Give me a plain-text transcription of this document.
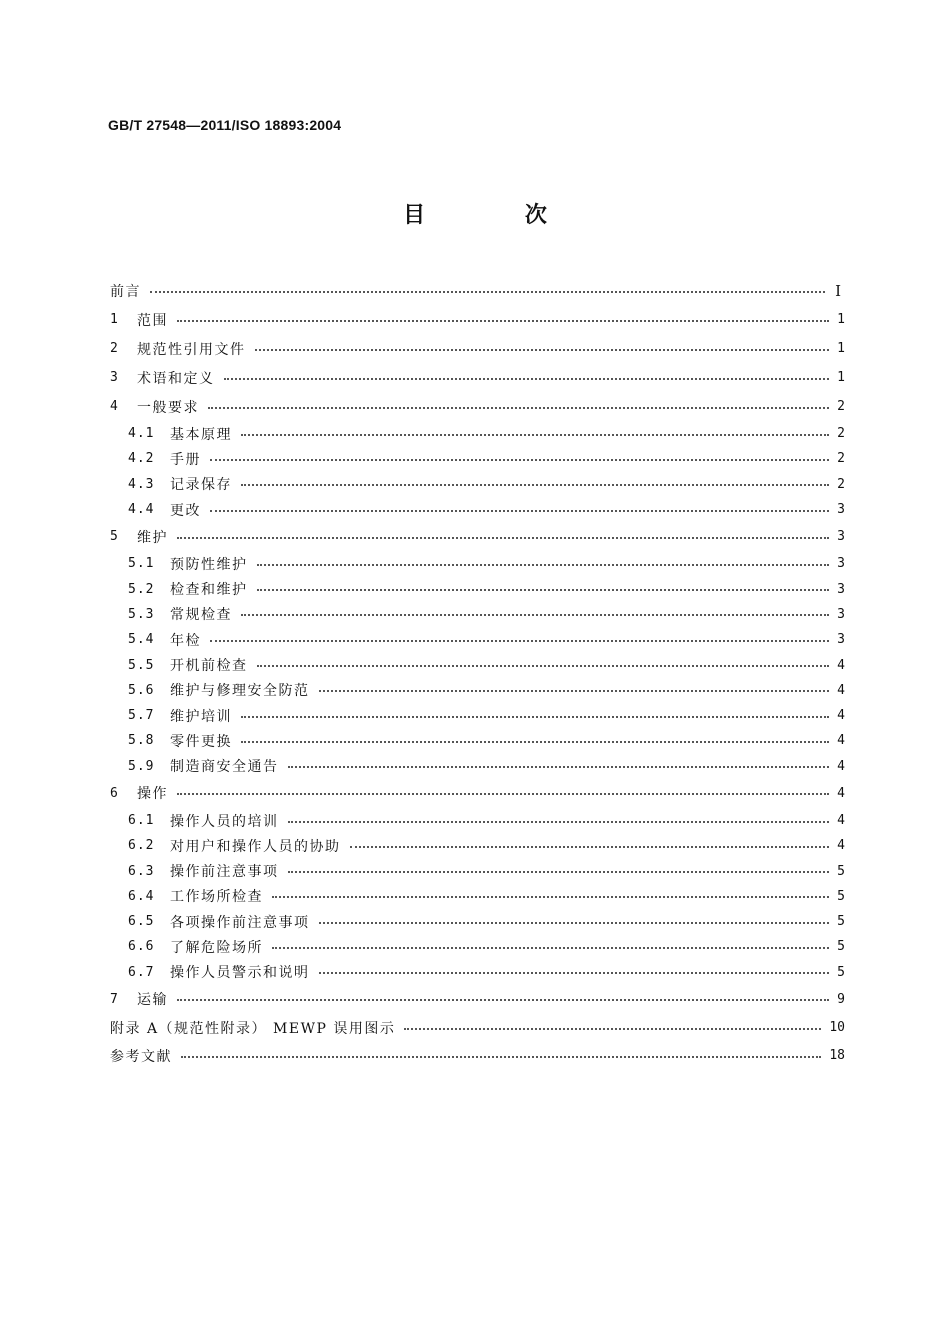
GB/T 27548—2011/ISO 18893:2004
目 次
前言	Ⅰ
1	范围	1
2	规范性引用文件	1
3	术语和定义	1
4	一般要求	2
4.1	基本原理	2
4.2	手册	2
4.3	记录保存	2
4.4	更改	3
5	维护	3
5.1	预防性维护	3
5.2	检查和维护	3
5.3	常规检查	3
5.4	年检	3
5.5	开机前检查	4
5.6	维护与修理安全防范	4
5.7	维护培训	4
5.8	零件更换	4
5.9	制造商安全通告	4
6	操作	4
6.1	操作人员的培训	4
6.2	对用户和操作人员的协助	4
6.3	操作前注意事项	5
6.4	工作场所检查	5
6.5	各项操作前注意事项	5
6.6	了解危险场所	5
6.7	操作人员警示和说明	5
7	运输	9
附录 A（规范性附录） MEWP 误用图示	10
参考文献	18
